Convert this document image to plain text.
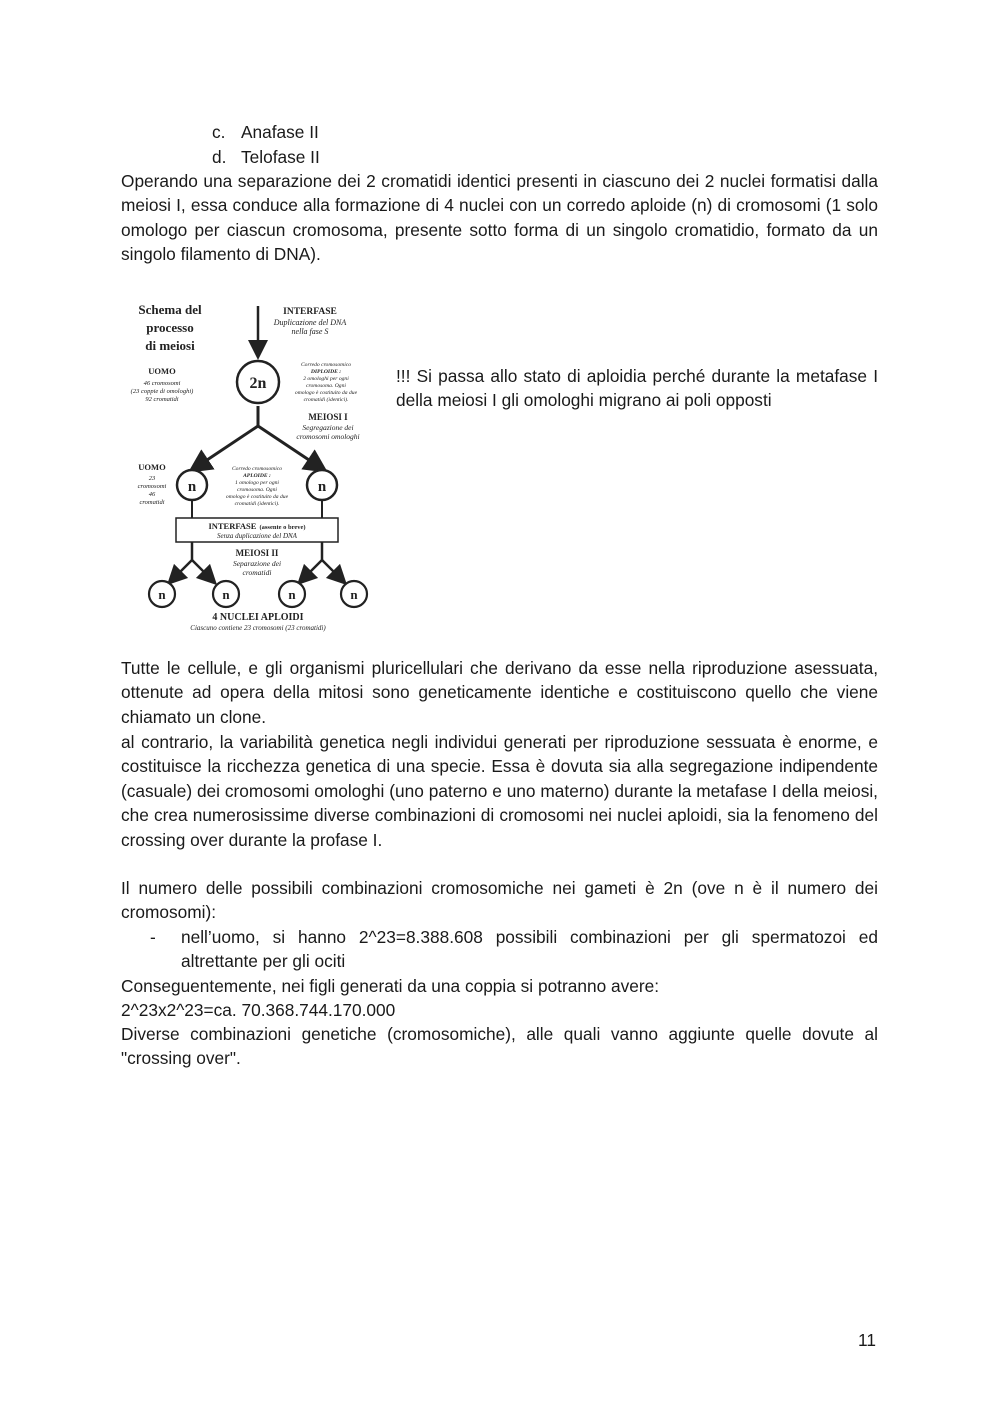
c. Anafase II
d. Telofase II

Operando una separazione dei 2 cromatidi identici presenti in ciascuno dei 2 nuclei formatisi dalla meiosi I, essa conduce alla formazione di 4 nuclei con un corredo aploide (n) di cromosomi (1 solo omologo per ciascun cromosoma, presente sotto forma di un singolo cromatidio, formato da un singolo filamento di DNA).

Schema del
processo
di meiosi
INTERFASE
Duplicazione del DNA
nella fase S
UOMO
46 cromosomi
(23 coppie di omologhi)
92 cromatidi
2n
Corredo cromosomico
DIPLOIDE :
2 omologhi per ogni
cromosoma. Ogni
omologo è costituito da due
cromatidi (identici).
MEIOSI I
Segregazione dei
cromosomi omologhi
UOMO
23
cromosomi
46
cromatidi
n	n
Corredo cromosomico
APLOIDE :
1 omologo per ogni
cromosoma. Ogni
omologo è costituito da due
cromatidi (identici).
INTERFASE (assente o breve)
Senza duplicazione del DNA
MEIOSI II
Separazione dei
cromatidi
n	n	n	n
4 NUCLEI APLOIDI
Ciascuno contiene 23 cromosomi (23 cromatidi)

!!! Si passa allo stato di aploidia perché durante la metafase I della meiosi I gli omologhi migrano ai poli opposti

Tutte le cellule, e gli organismi pluricellulari che derivano da esse nella riproduzione asessuata, ottenute ad opera della mitosi sono geneticamente identiche e costituiscono quello che viene chiamato un clone.

al contrario, la variabilità genetica negli individui generati per riproduzione sessuata è enorme, e costituisce la ricchezza genetica di una specie. Essa è dovuta sia alla segregazione indipendente (casuale) dei cromosomi omologhi (uno paterno e uno materno) durante la metafase I della meiosi, che crea numerosissime diverse combinazioni di cromosomi nei nuclei aploidi, sia la fenomeno del crossing over durante la profase I.

Il numero delle possibili combinazioni cromosomiche nei gameti è 2n (ove n è il numero dei cromosomi):

- nell’uomo, si hanno 2^23=8.388.608 possibili combinazioni per gli spermatozoi ed
altrettante per gli ociti

Conseguentemente, nei figli generati da una coppia si potranno avere:

2^23x2^23=ca. 70.368.744.170.000

Diverse combinazioni genetiche (cromosomiche), alle quali vanno aggiunte quelle dovute al "crossing over".

11
